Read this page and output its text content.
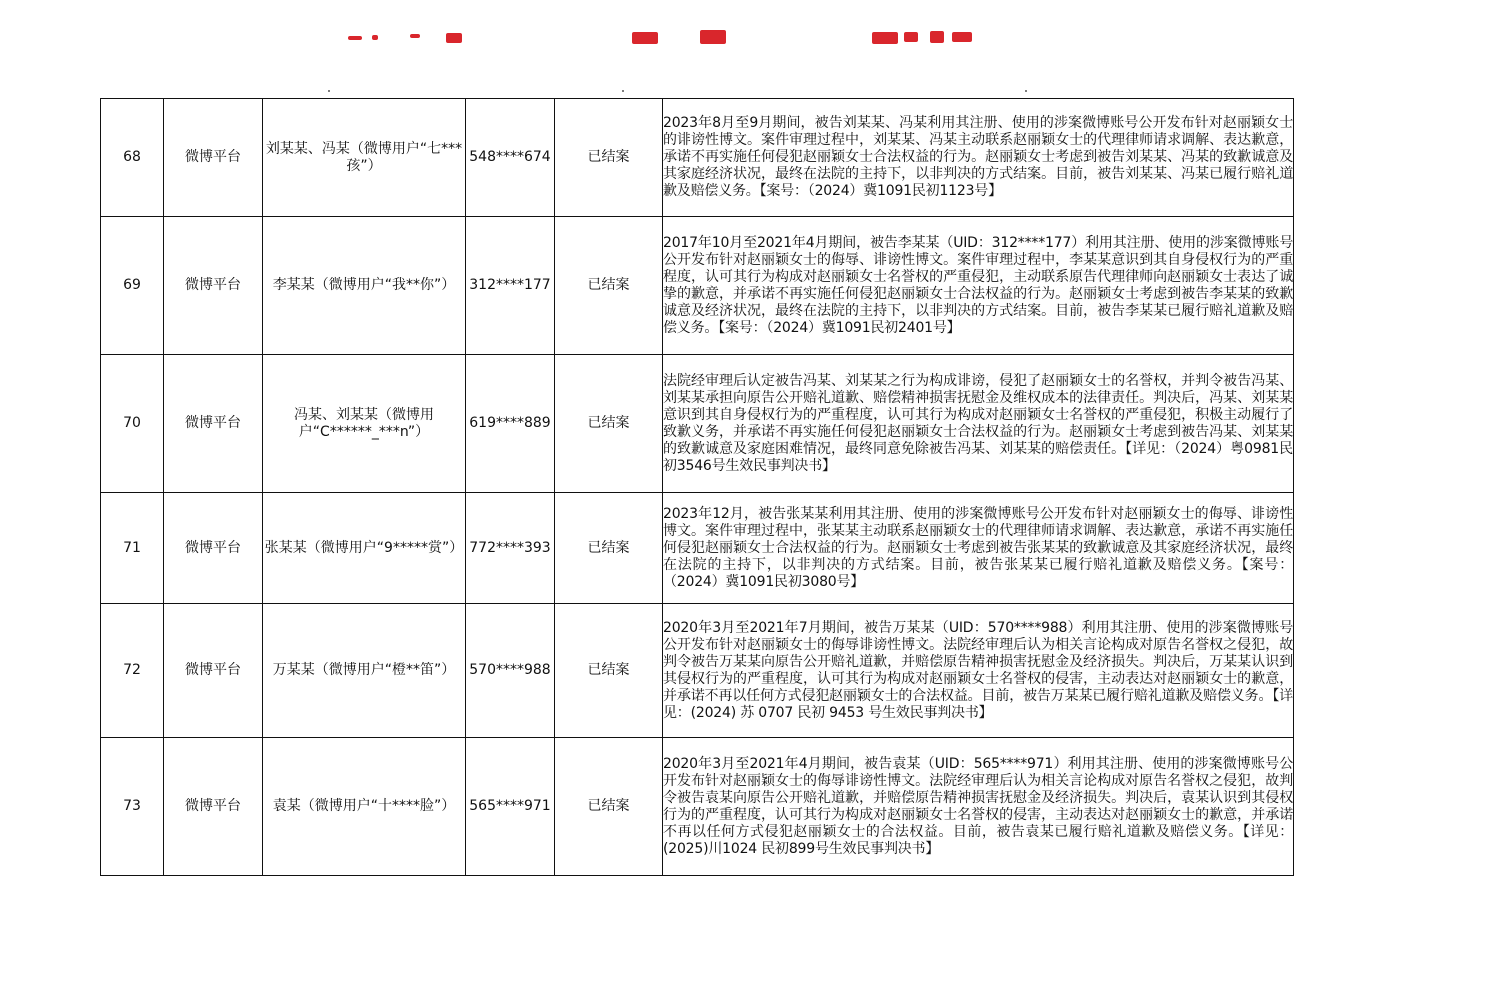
68	微博平台	刘某某、冯某（微博用户“七***孩”）	548****674	已结案	2023年8月至9月期间，被告刘某某、冯某利用其注册、使用的涉案微博账号公开发布针对赵丽颖女士的诽谤性博文。案件审理过程中，刘某某、冯某主动联系赵丽颖女士的代理律师请求调解、表达歉意，承诺不再实施任何侵犯赵丽颖女士合法权益的行为。赵丽颖女士考虑到被告刘某某、冯某的致歉诚意及其家庭经济状况，最终在法院的主持下，以非判决的方式结案。目前，被告刘某某、冯某已履行赔礼道歉及赔偿义务。【案号：（2024）冀1091民初1123号】
69	微博平台	李某某（微博用户“我**你”）	312****177	已结案	2017年10月至2021年4月期间，被告李某某（UID：312****177）利用其注册、使用的涉案微博账号公开发布针对赵丽颖女士的侮辱、诽谤性博文。案件审理过程中，李某某意识到其自身侵权行为的严重程度，认可其行为构成对赵丽颖女士名誉权的严重侵犯，主动联系原告代理律师向赵丽颖女士表达了诚挚的歉意，并承诺不再实施任何侵犯赵丽颖女士合法权益的行为。赵丽颖女士考虑到被告李某某的致歉诚意及经济状况，最终在法院的主持下，以非判决的方式结案。目前，被告李某某已履行赔礼道歉及赔偿义务。【案号：（2024）冀1091民初2401号】
70	微博平台	冯某、刘某某（微博用户“C******_***n”）	619****889	已结案	法院经审理后认定被告冯某、刘某某之行为构成诽谤，侵犯了赵丽颖女士的名誉权，并判令被告冯某、刘某某承担向原告公开赔礼道歉、赔偿精神损害抚慰金及维权成本的法律责任。判决后，冯某、刘某某意识到其自身侵权行为的严重程度，认可其行为构成对赵丽颖女士名誉权的严重侵犯，积极主动履行了致歉义务，并承诺不再实施任何侵犯赵丽颖女士合法权益的行为。赵丽颖女士考虑到被告冯某、刘某某的致歉诚意及家庭困难情况，最终同意免除被告冯某、刘某某的赔偿责任。【详见：（2024）粤0981民初3546号生效民事判决书】
71	微博平台	张某某（微博用户“9*****赏”）	772****393	已结案	2023年12月，被告张某某利用其注册、使用的涉案微博账号公开发布针对赵丽颖女士的侮辱、诽谤性博文。案件审理过程中，张某某主动联系赵丽颖女士的代理律师请求调解、表达歉意，承诺不再实施任何侵犯赵丽颖女士合法权益的行为。赵丽颖女士考虑到被告张某某的致歉诚意及其家庭经济状况，最终在法院的主持下，以非判决的方式结案。目前，被告张某某已履行赔礼道歉及赔偿义务。【案号：（2024）冀1091民初3080号】
72	微博平台	万某某（微博用户“橙**笛”）	570****988	已结案	2020年3月至2021年7月期间，被告万某某（UID：570****988）利用其注册、使用的涉案微博账号公开发布针对赵丽颖女士的侮辱诽谤性博文。法院经审理后认为相关言论构成对原告名誉权之侵犯，故判令被告万某某向原告公开赔礼道歉，并赔偿原告精神损害抚慰金及经济损失。判决后，万某某认识到其侵权行为的严重程度，认可其行为构成对赵丽颖女士名誉权的侵害，主动表达对赵丽颖女士的歉意，并承诺不再以任何方式侵犯赵丽颖女士的合法权益。目前，被告万某某已履行赔礼道歉及赔偿义务。【详见：(2024) 苏 0707 民初 9453 号生效民事判决书】
73	微博平台	袁某（微博用户“十****脸”）	565****971	已结案	2020年3月至2021年4月期间，被告袁某（UID：565****971）利用其注册、使用的涉案微博账号公开发布针对赵丽颖女士的侮辱诽谤性博文。法院经审理后认为相关言论构成对原告名誉权之侵犯，故判令被告袁某向原告公开赔礼道歉，并赔偿原告精神损害抚慰金及经济损失。判决后，袁某认识到其侵权行为的严重程度，认可其行为构成对赵丽颖女士名誉权的侵害，主动表达对赵丽颖女士的歉意，并承诺不再以任何方式侵犯赵丽颖女士的合法权益。目前，被告袁某已履行赔礼道歉及赔偿义务。【详见：(2025)川1024 民初899号生效民事判决书】
